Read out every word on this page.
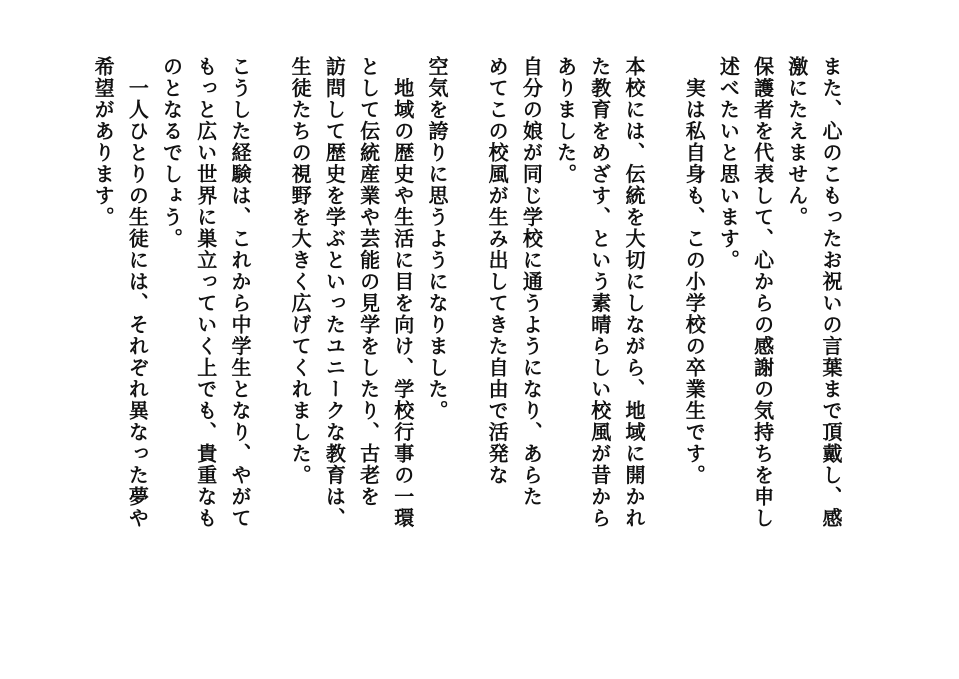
また、心のこもったお祝いの言葉まで頂戴し、感
激にたえません。
保護者を代表して、心からの感謝の気持ちを申し
述べたいと思います。
　実は私自身も、この小学校の卒業生です。
本校には、伝統を大切にしながら、地域に開かれ
た教育をめざす、という素晴らしい校風が昔から
ありました。
自分の娘が同じ学校に通うようになり、あらた
めてこの校風が生み出してきた自由で活発な
空気を誇りに思うようになりました。
　地域の歴史や生活に目を向け、学校行事の一環
として伝統産業や芸能の見学をしたり、古老を
訪問して歴史を学ぶといったユニークな教育は、
生徒たちの視野を大きく広げてくれました。
こうした経験は、これから中学生となり、やがて
もっと広い世界に巣立っていく上でも、貴重なも
のとなるでしょう。
　一人ひとりの生徒には、それぞれ異なった夢や
希望があります。
